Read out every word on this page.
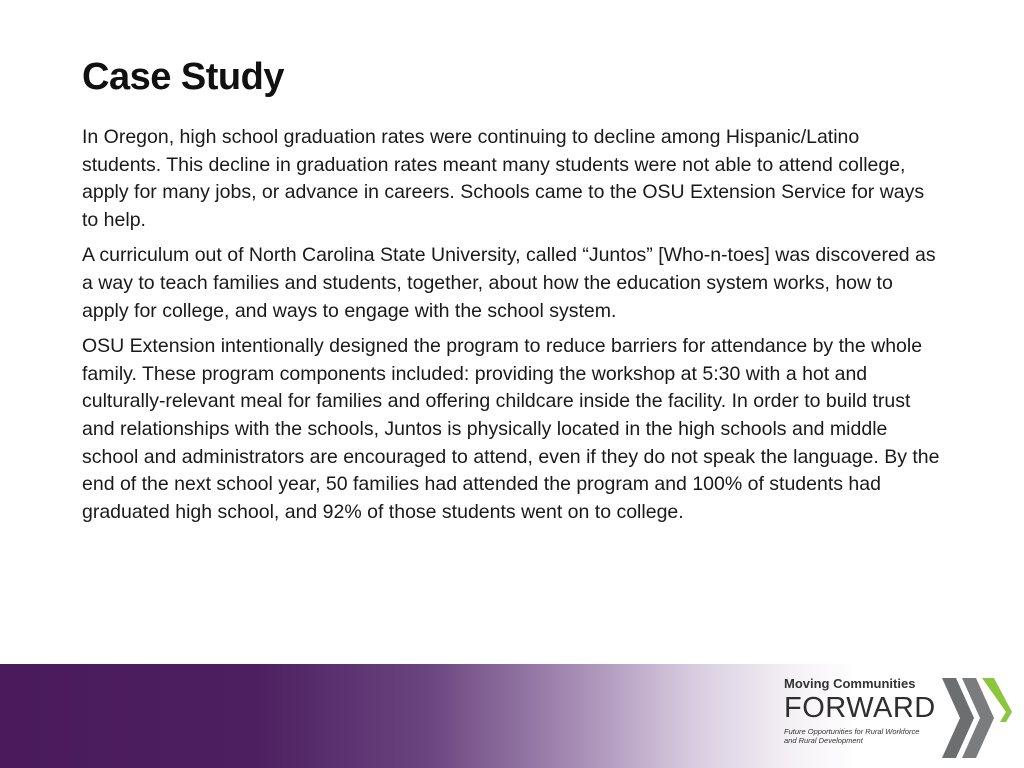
Case Study

In Oregon, high school graduation rates were continuing to decline among Hispanic/Latino students. This decline in graduation rates meant many students were not able to attend college, apply for many jobs, or advance in careers. Schools came to the OSU Extension Service for ways to help.

A curriculum out of North Carolina State University, called “Juntos” [Who-n-toes] was discovered as a way to teach families and students, together, about how the education system works, how to apply for college, and ways to engage with the school system.

OSU Extension intentionally designed the program to reduce barriers for attendance by the whole family. These program components included: providing the workshop at 5:30 with a hot and culturally-relevant meal for families and offering childcare inside the facility. In order to build trust and relationships with the schools, Juntos is physically located in the high schools and middle school and administrators are encouraged to attend, even if they do not speak the language. By the end of the next school year, 50 families had attended the program and 100% of students had graduated high school, and 92% of those students went on to college.

Moving Communities
FORWARD
Future Opportunities for Rural Workforce and Rural Development
